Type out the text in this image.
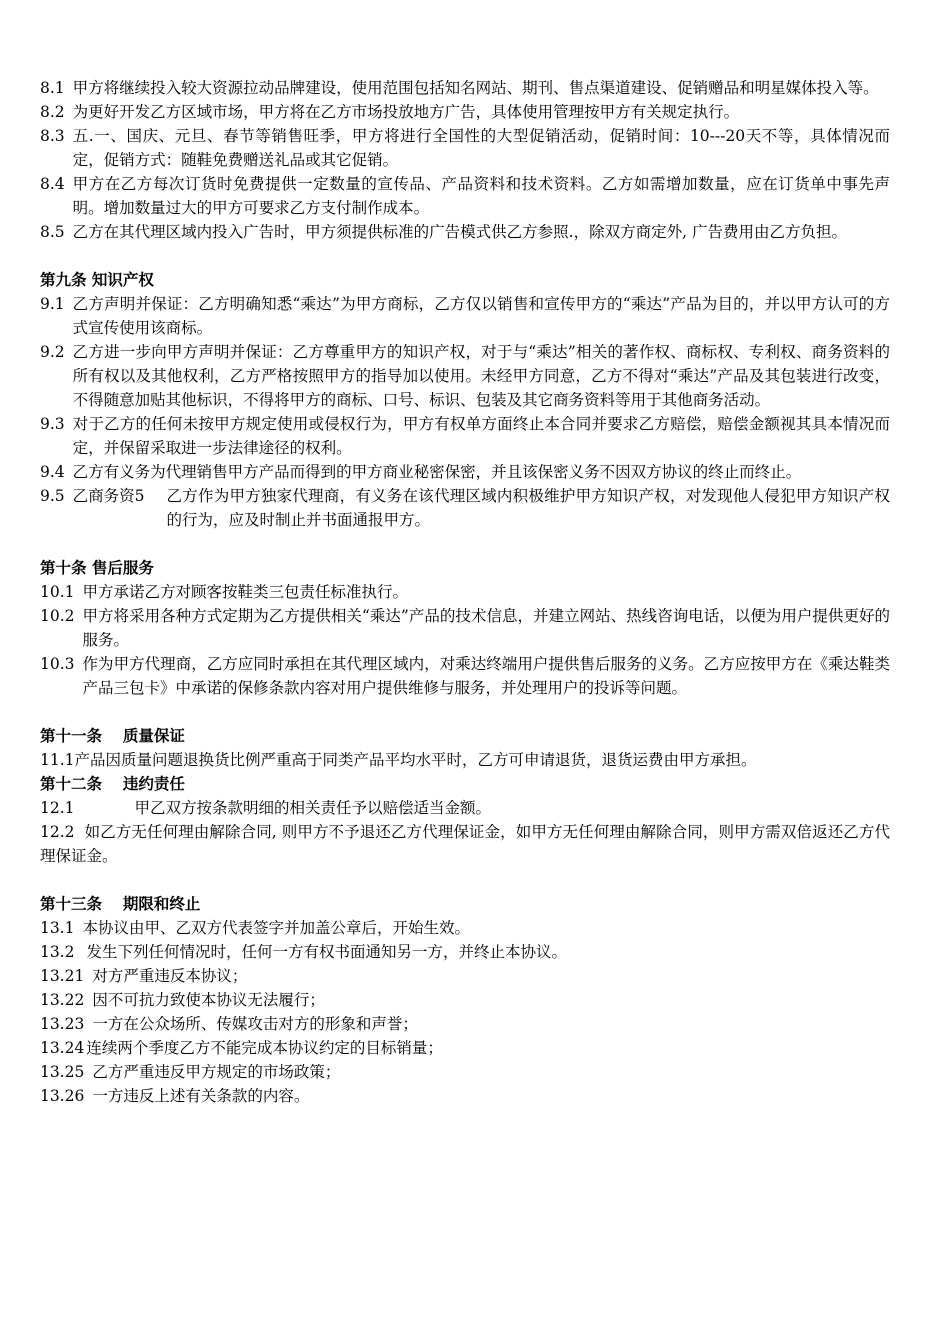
8.1 甲方将继续投入较大资源拉动品牌建设，使用范围包括知名网站、期刊、售点渠道建设、促销赠品和明星媒体投入等。
8.2 为更好开发乙方区域市场，甲方将在乙方市场投放地方广告，具体使用管理按甲方有关规定执行。
8.3 五.一、国庆、元旦、春节等销售旺季，甲方将进行全国性的大型促销活动，促销时间：10---20天不等，具体情况而定，促销方式：随鞋免费赠送礼品或其它促销。
8.4 甲方在乙方每次订货时免费提供一定数量的宣传品、产品资料和技术资料。乙方如需增加数量，应在订货单中事先声明。增加数量过大的甲方可要求乙方支付制作成本。
8.5 乙方在其代理区域内投入广告时，甲方须提供标准的广告模式供乙方参照.，除双方商定外, 广告费用由乙方负担。
第九条 知识产权
9.1 乙方声明并保证：乙方明确知悉“乘达”为甲方商标，乙方仅以销售和宣传甲方的“乘达”产品为目的，并以甲方认可的方式宣传使用该商标。
9.2 乙方进一步向甲方声明并保证：乙方尊重甲方的知识产权，对于与“乘达”相关的著作权、商标权、专利权、商务资料的所有权以及其他权利，乙方严格按照甲方的指导加以使用。未经甲方同意，乙方不得对“乘达”产品及其包装进行改变，不得随意加贴其他标识，不得将甲方的商标、口号、标识、包装及其它商务资料等用于其他商务活动。
9.3 对于乙方的任何未按甲方规定使用或侵权行为，甲方有权单方面终止本合同并要求乙方赔偿，赔偿金额视其具本情况而定，并保留采取进一步法律途径的权利。
9.4 乙方有义务为代理销售甲方产品而得到的甲方商业秘密保密，并且该保密义务不因双方协议的终止而终止。
9.5 乙商务资5 乙方作为甲方独家代理商，有义务在该代理区域内积极维护甲方知识产权，对发现他人侵犯甲方知识产权的行为，应及时制止并书面通报甲方。
第十条 售后服务
10.1 甲方承诺乙方对顾客按鞋类三包责任标准执行。
10.2 甲方将采用各种方式定期为乙方提供相关“乘达”产品的技术信息，并建立网站、热线咨询电话，以便为用户提供更好的服务。
10.3 作为甲方代理商，乙方应同时承担在其代理区域内，对乘达终端用户提供售后服务的义务。乙方应按甲方在《乘达鞋类产品三包卡》中承诺的保修条款内容对用户提供维修与服务，并处理用户的投诉等问题。
第十一条　 质量保证
11.1产品因质量问题退换货比例严重高于同类产品平均水平时，乙方可申请退货，退货运费由甲方承担。
第十二条　 违约责任
12.1	甲乙双方按条款明细的相关责任予以赔偿适当金额。
12.2 如乙方无任何理由解除合同, 则甲方不予退还乙方代理保证金，如甲方无任何理由解除合同，则甲方需双倍返还乙方代理保证金。
第十三条　 期限和终止
13.1 本协议由甲、乙双方代表签字并加盖公章后，开始生效。
13.2 发生下列任何情况时，任何一方有权书面通知另一方，并终止本协议。
13.21 对方严重违反本协议；
13.22 因不可抗力致使本协议无法履行；
13.23 一方在公众场所、传媒攻击对方的形象和声誉；
13.24 连续两个季度乙方不能完成本协议约定的目标销量；
13.25 乙方严重违反甲方规定的市场政策；
13.26 一方违反上述有关条款的内容。
